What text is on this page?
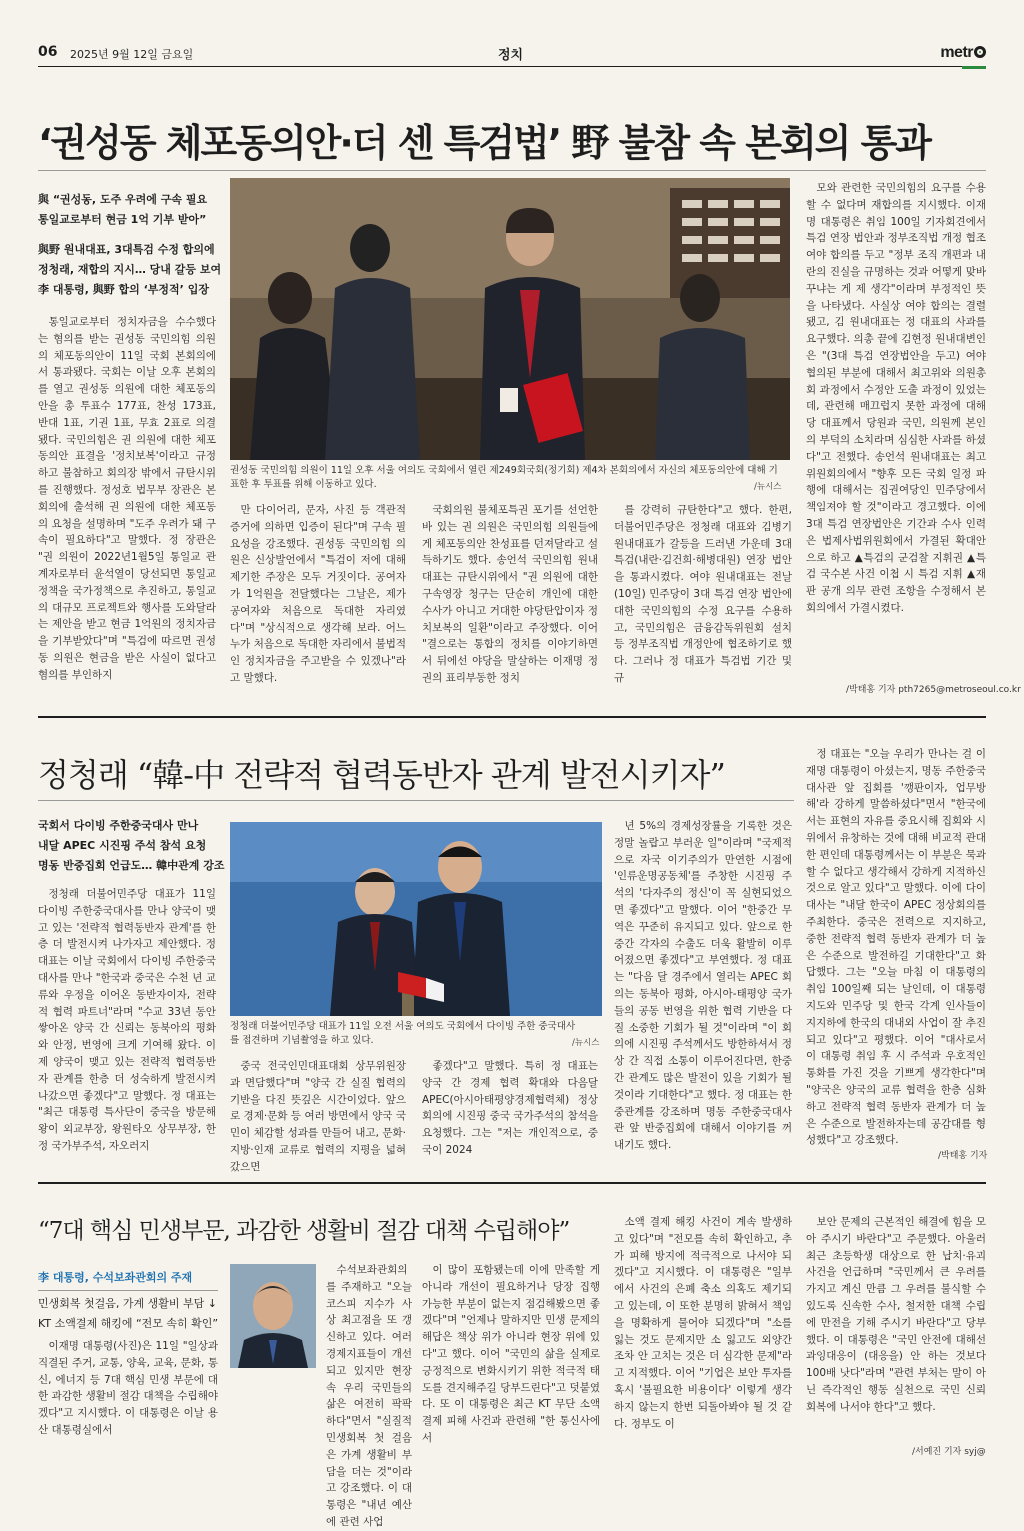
06 2025년 9월 12일 금요일	정치	metr
‘권성동 체포동의안·더 센 특검법’ 野 불참 속 본회의 통과
與 “권성동, 도주 우려에 구속 필요
통일교로부터 현금 1억 기부 받아”
與野 원내대표, 3대특검 수정 합의에
정청래, 재합의 지시… 당내 갈등 보여
李 대통령, 與野 합의 ‘부정적’ 입장

통일교로부터 정치자금을 수수했다는 혐의를 받는 권성동 국민의힘 의원의 체포동의안이 11일 국회 본회의에서 통과됐다. 국회는 이날 오후 본회의를 열고 권성동 의원에 대한 체포동의안을 총 투표수 177표, 찬성 173표, 반대 1표, 기권 1표, 무효 2표로 의결됐다. 국민의힘은 권 의원에 대한 체포동의안 표결을 '정치보복'이라고 규정하고 불참하고 회의장 밖에서 규탄시위를 진행했다. 정성호 법무부 장관은 본회의에 출석해 권 의원에 대한 체포동의 요청을 설명하며 "도주 우려가 돼 구속이 필요하다"고 말했다. 정 장관은 "권 의원이 2022년1월5일 통일교 관계자로부터 윤석열이 당선되면 통일교 정책을 국가정책으로 추진하고, 통일교의 대규모 프로젝트와 행사를 도와달라는 제안을 받고 현금 1억원의 정치자금을 기부받았다"며 "특검에 따르면 권성동 의원은 현금을 받은 사실이 없다고 혐의를 부인하지

권성동 국민의힘 의원이 11일 오후 서울 여의도 국회에서 열린 제249회국회(정기회) 제4차 본회의에서 자신의 체포동의안에 대해 기표한 후 투표를 위해 이동하고 있다.	/뉴시스

만 다이어리, 문자, 사진 등 객관적 증거에 의하면 입증이 된다"며 구속 필요성을 강조했다. 권성동 국민의힘 의원은 신상발언에서 "특검이 저에 대해 제기한 주장은 모두 거짓이다. 공여자가 1억원을 전달했다는 그날은, 제가 공여자와 처음으로 독대한 자리였다"며 "상식적으로 생각해 보라. 어느 누가 처음으로 독대한 자리에서 불법적인 정치자금을 주고받을 수 있겠나"라고 말했다.

국회의원 불체포특권 포기를 선언한 바 있는 권 의원은 국민의힘 의원들에게 체포동의안 찬성표를 던져달라고 설득하기도 했다. 송언석 국민의힘 원내대표는 규탄시위에서 "권 의원에 대한 구속영장 청구는 단순히 개인에 대한 수사가 아니고 거대한 야당탄압이자 정치보복의 일환"이라고 주장했다. 이어 "결으로는 통합의 정치를 이야기하면서 뒤에선 야당을 말살하는 이재명 정권의 표리부동한 정치

를 강력히 규탄한다"고 했다. 한편, 더불어민주당은 정청래 대표와 김병기 원내대표가 갈등을 드러낸 가운데 3대 특검(내란·김건희·해병대원) 연장 법안을 통과시켰다. 여야 원내대표는 전날(10일) 민주당이 3대 특검 연장 법안에 대한 국민의힘의 수정 요구를 수용하고, 국민의힘은 금융감독위원회 설치 등 정부조직법 개정안에 협조하기로 했다. 그러나 정 대표가 특검법 기간 및 규

모와 관련한 국민의힘의 요구를 수용할 수 없다며 재합의를 지시했다. 이재명 대통령은 취임 100일 기자회견에서 특검 연장 법안과 정부조직법 개정 협조 여야 합의를 두고 "정부 조직 개편과 내란의 진실을 규명하는 것과 어떻게 맞바꾸냐는 게 제 생각"이라며 부정적인 뜻을 나타냈다. 사실상 여야 합의는 결렬됐고, 김 원내대표는 정 대표의 사과를 요구했다. 의총 끝에 김현정 원내대변인은 "(3대 특검 연장법안을 두고) 여야 협의된 부분에 대해서 최고위와 의원총회 과정에서 수정안 도출 과정이 있었는데, 관련해 매끄럽지 못한 과정에 대해 당 대표께서 당원과 국민, 의원께 본인의 부덕의 소치라며 심심한 사과를 하셨다"고 전했다. 송언석 원내대표는 최고위원회의에서 "향후 모든 국회 일정 파행에 대해서는 집권여당인 민주당에서 책임져야 할 것"이라고 경고했다. 이에 3대 특검 연장법안은 기간과 수사 인력은 법제사법위원회에서 가결된 확대안으로 하고 ▲특검의 군검찰 지휘권 ▲특검 국수본 사건 이첩 시 특검 지휘 ▲재판 공개 의무 관련 조항을 수정해서 본회의에서 가결시켰다.

/박태홍 기자 pth7265@metroseoul.co.kr
정청래 “韓-中 전략적 협력동반자 관계 발전시키자”
국회서 다이빙 주한중국대사 만나
내달 APEC 시진핑 주석 참석 요청
명동 반중집회 언급도… 韓中관계 강조

정청래 더불어민주당 대표가 11일 다이빙 주한중국대사를 만나 양국이 맺고 있는 '전략적 협력동반자 관계'를 한층 더 발전시켜 나가자고 제안했다. 정 대표는 이날 국회에서 다이빙 주한중국대사를 만나 "한국과 중국은 수천 년 교류와 우정을 이어온 동반자이자, 전략적 협력 파트너"라며 "수교 33년 동안 쌓아온 양국 간 신뢰는 동북아의 평화와 안정, 번영에 크게 기여해 왔다. 이제 양국이 맺고 있는 전략적 협력동반자 관계를 한층 더 성숙하게 발전시켜 나갔으면 좋겠다"고 말했다. 정 대표는 "최근 대통령 특사단이 중국을 방문해 왕이 외교부장, 왕원타오 상무부장, 한정 국가부주석, 자오러지

정청래 더불어민주당 대표가 11일 오전 서울 여의도 국회에서 다이빙 주한 중국대사를 접견하며 기념촬영을 하고 있다.	/뉴시스

중국 전국인민대표대회 상무위원장과 면담했다"며 "양국 간 실질 협력의 기반을 다진 뜻깊은 시간이었다. 앞으로 경제·문화 등 여러 방면에서 양국 국민이 체감할 성과를 만들어 내고, 문화·지방·인재 교류로 협력의 지평을 넓혀갔으면

좋겠다"고 말했다. 특히 정 대표는 양국 간 경제 협력 확대와 다음달 APEC(아시아태평양경제협력체) 정상회의에 시진핑 중국 국가주석의 참석을 요청했다. 그는 "저는 개인적으로, 중국이 2024

년 5%의 경제성장률을 기록한 것은 정말 놀랍고 부러운 일"이라며 "국제적으로 자국 이기주의가 만연한 시점에 '인류운명공동체'를 주창한 시진핑 주석의 '다자주의 정신'이 꼭 실현되었으면 좋겠다"고 말했다. 이어 "한중간 무역은 꾸준히 유지되고 있다. 앞으로 한중간 각자의 수출도 더욱 활발히 이루어졌으면 좋겠다"고 부연했다. 정 대표는 "다음 달 경주에서 열리는 APEC 회의는 동북아 평화, 아시아-태평양 국가들의 공동 번영을 위한 협력 기반을 다질 소중한 기회가 될 것"이라며 "이 회의에 시진핑 주석께서도 방한하셔서 정상 간 직접 소통이 이루어진다면, 한중간 관계도 많은 발전이 있을 기회가 될 것이라 기대한다"고 했다. 정 대표는 한중관계를 강조하며 명동 주한중국대사관 앞 반중집회에 대해서 이야기를 꺼내기도 했다.

정 대표는 "오늘 우리가 만나는 걸 이재명 대통령이 아셨는지, 명동 주한중국대사관 앞 집회를 '깽판이자, 업무방해'라 강하게 말씀하셨다"면서 "한국에서는 표현의 자유를 중요시해 집회와 시위에서 유창하는 것에 대해 비교적 관대한 편인데 대통령께서는 이 부분은 묵과할 수 없다고 생각해서 강하게 지적하신 것으로 알고 있다"고 말했다. 이에 다이 대사는 "내달 한국이 APEC 정상회의를 주최한다. 중국은 전력으로 지지하고, 중한 전략적 협력 동반자 관계가 더 높은 수준으로 발전하길 기대한다"고 화답했다. 그는 "오늘 마침 이 대통령의 취임 100일째 되는 날인데, 이 대통령 지도와 민주당 및 한국 각계 인사들이 지지하에 한국의 대내외 사업이 잘 추진되고 있다"고 평했다. 이어 "대사로서 이 대통령 취임 후 시 주석과 우호적인 통화를 가진 것을 기쁘게 생각한다"며 "양국은 양국의 교류 협력을 한층 심화하고 전략적 협력 동반자 관계가 더 높은 수준으로 발전하자는데 공감대를 형성했다"고 강조했다.

/박태홍 기자
“7대 핵심 민생부문, 과감한 생활비 절감 대책 수립해야”
李 대통령, 수석보좌관회의 주재
민생회복 첫걸음, 가계 생활비 부담 ↓
KT 소액결제 해킹에 “전모 속히 확인”

이재명 대통령(사진)은 11일 "일상과 직결된 주거, 교통, 양육, 교육, 문화, 통신, 에너지 등 7대 핵심 민생 부문에 대한 과감한 생활비 절감 대책을 수립해야겠다"고 지시했다. 이 대통령은 이날 용산 대통령실에서

수석보좌관회의를 주재하고 "오늘 코스피 지수가 사상 최고점을 또 갱신하고 있다. 여러 경제지표들이 개선되고 있지만 현장 속 우리 국민들의 삶은 여전히 팍팍하다"면서 "실질적 민생회복 첫 걸음은 가계 생활비 부담을 더는 것"이라고 강조했다. 이 대통령은 "내년 예산에 관련 사업

이 많이 포함됐는데 이에 만족할 게 아니라 개선이 필요하거나 당장 집행 가능한 부분이 없는지 점검해봤으면 좋겠다"며 "언제나 말하지만 민생 문제의 해답은 책상 위가 아니라 현장 위에 있다"고 했다. 이어 "국민의 삶을 실제로 긍정적으로 변화시키기 위한 적극적 태도를 견지해주길 당부드린다"고 덧붙였다. 또 이 대통령은 최근 KT 무단 소액결제 피해 사건과 관련해 "한 통신사에서

소액 결제 해킹 사건이 계속 발생하고 있다"며 "전모를 속히 확인하고, 추가 피해 방지에 적극적으로 나서야 되겠다"고 지시했다. 이 대통령은 "일부에서 사건의 은폐 축소 의혹도 제기되고 있는데, 이 또한 분명히 밝혀서 책임을 명확하게 물어야 되겠다"며 "소를 잃는 것도 문제지만 소 잃고도 외양간조차 안 고치는 것은 더 심각한 문제"라고 지적했다. 이어 "기업은 보안 투자를 혹시 '불필요한 비용이다' 이렇게 생각하지 않는지 한번 되돌아봐야 될 것 같다. 정부도 이

보안 문제의 근본적인 해결에 힘을 모아 주시기 바란다"고 주문했다. 아울러 최근 초등학생 대상으로 한 납치·유괴 사건을 언급하며 "국민께서 큰 우려를 가지고 계신 만큼 그 우려를 불식할 수 있도록 신속한 수사, 철저한 대책 수립에 만전을 기해 주시기 바란다"고 당부했다. 이 대통령은 "국민 안전에 대해선 과잉대응이 (대응을) 안 하는 것보다 100배 낫다"라며 "관련 부처는 말이 아닌 즉각적인 행동 실천으로 국민 신뢰 회복에 나서야 한다"고 했다.

/서예진 기자 syj@
